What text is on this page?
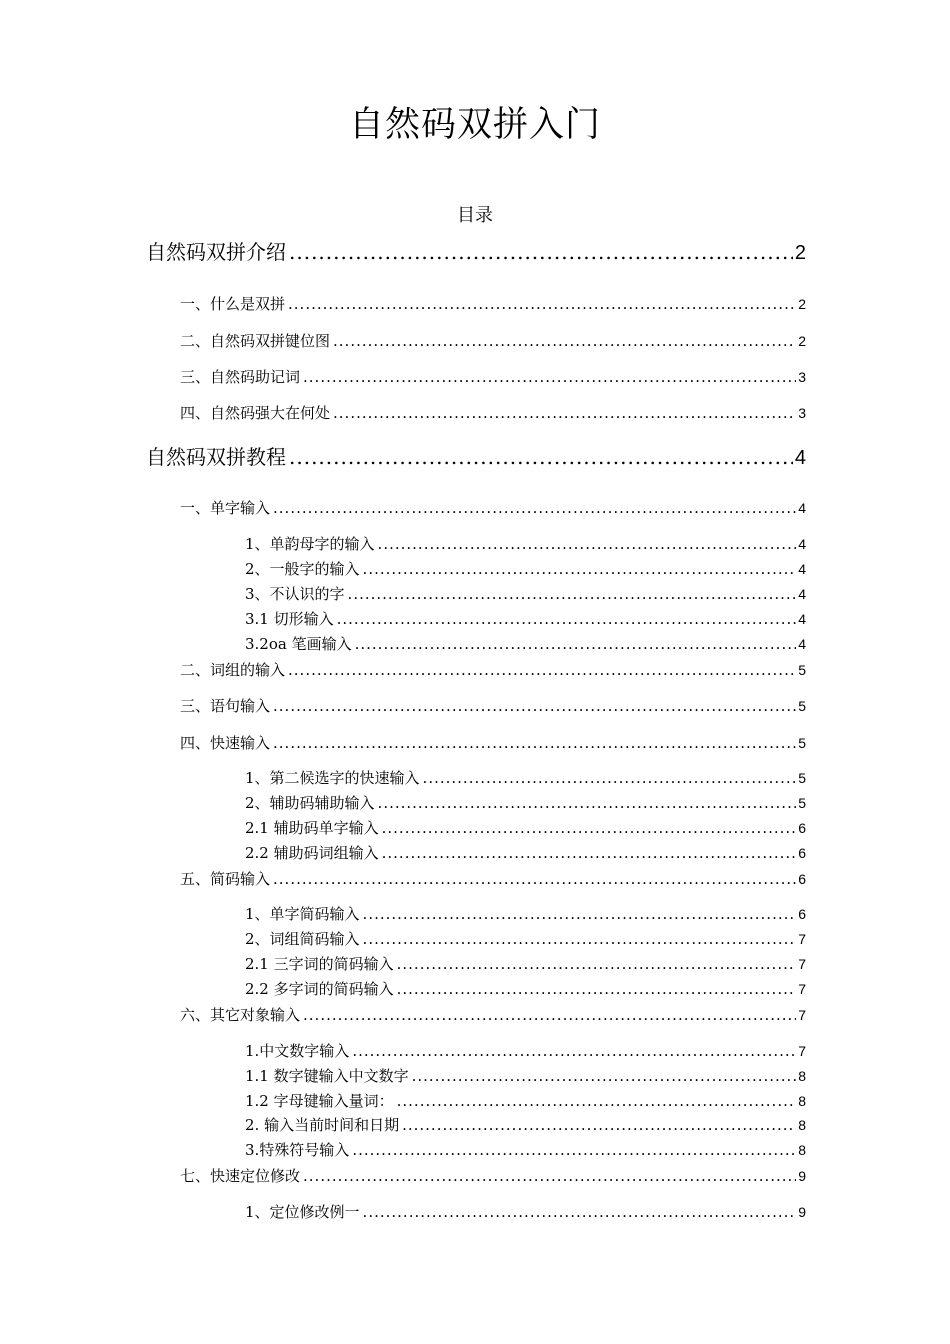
自然码双拼入门
目录
自然码双拼介绍 .....	2
一、什么是双拼 .....	2
二、自然码双拼键位图 .....	2
三、自然码助记词 .....	3
四、自然码强大在何处 .....	3
自然码双拼教程 .....	4
一、单字输入 .....	4
1、单韵母字的输入 .....	4
2、一般字的输入 .....	4
3、不认识的字 .....	4
3.1 切形输入 .....	4
3.2oa 笔画输入 .....	4
二、词组的输入 .....	5
三、语句输入 .....	5
四、快速输入 .....	5
1、第二候选字的快速输入 .....	5
2、辅助码辅助输入 .....	5
2.1 辅助码单字输入 .....	6
2.2 辅助码词组输入 .....	6
五、简码输入 .....	6
1、单字简码输入 .....	6
2、词组简码输入 .....	7
2.1 三字词的简码输入 .....	7
2.2 多字词的简码输入 .....	7
六、其它对象输入 .....	7
1.中文数字输入 .....	7
1.1 数字键输入中文数字 .....	8
1.2 字母键输入量词： .....	8
2. 输入当前时间和日期 .....	8
3.特殊符号输入 .....	8
七、快速定位修改 .....	9
1、定位修改例一 .....	9
